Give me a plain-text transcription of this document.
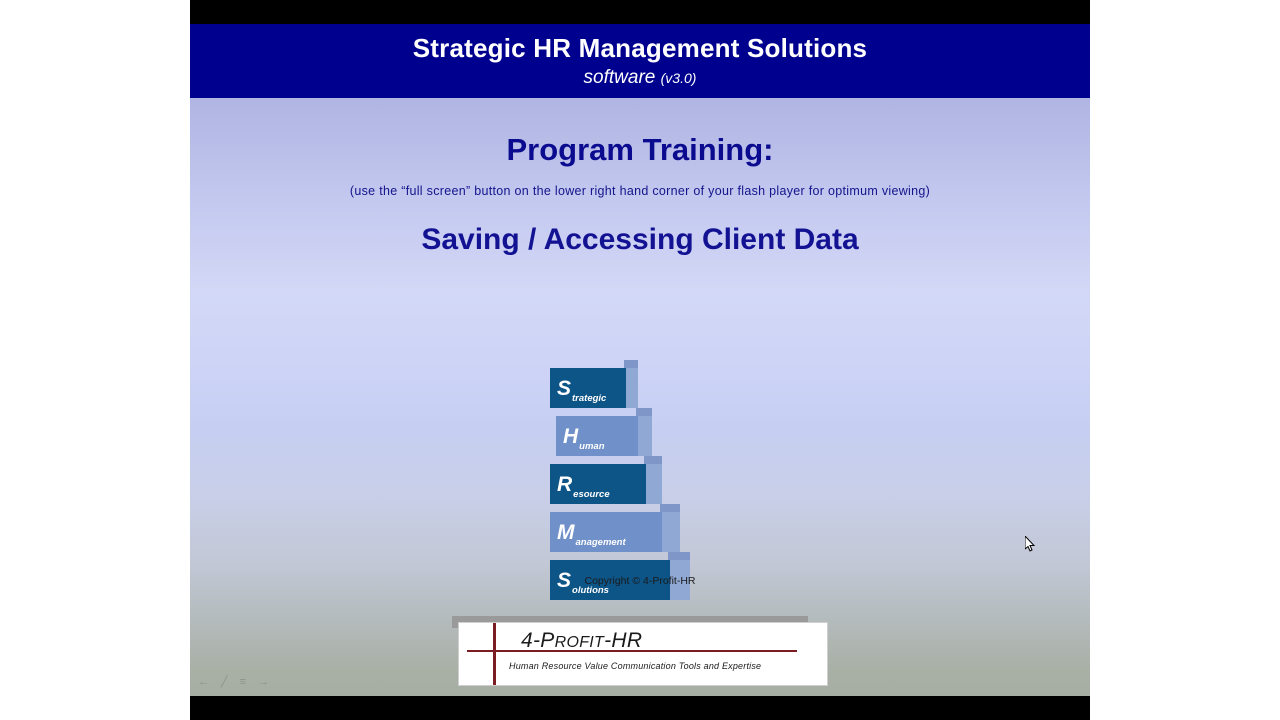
Strategic HR Management Solutions
software (v3.0)
Program Training:
(use the “full screen” button on the lower right hand corner of your flash player for optimum viewing)
Saving / Accessing Client Data
S trategic
H uman
R esource
M anagement
S olutions
Copyright © 4-Profit-HR
4-PROFIT-HR
Human Resource Value Communication Tools and Expertise
← ╱ ≡ →
